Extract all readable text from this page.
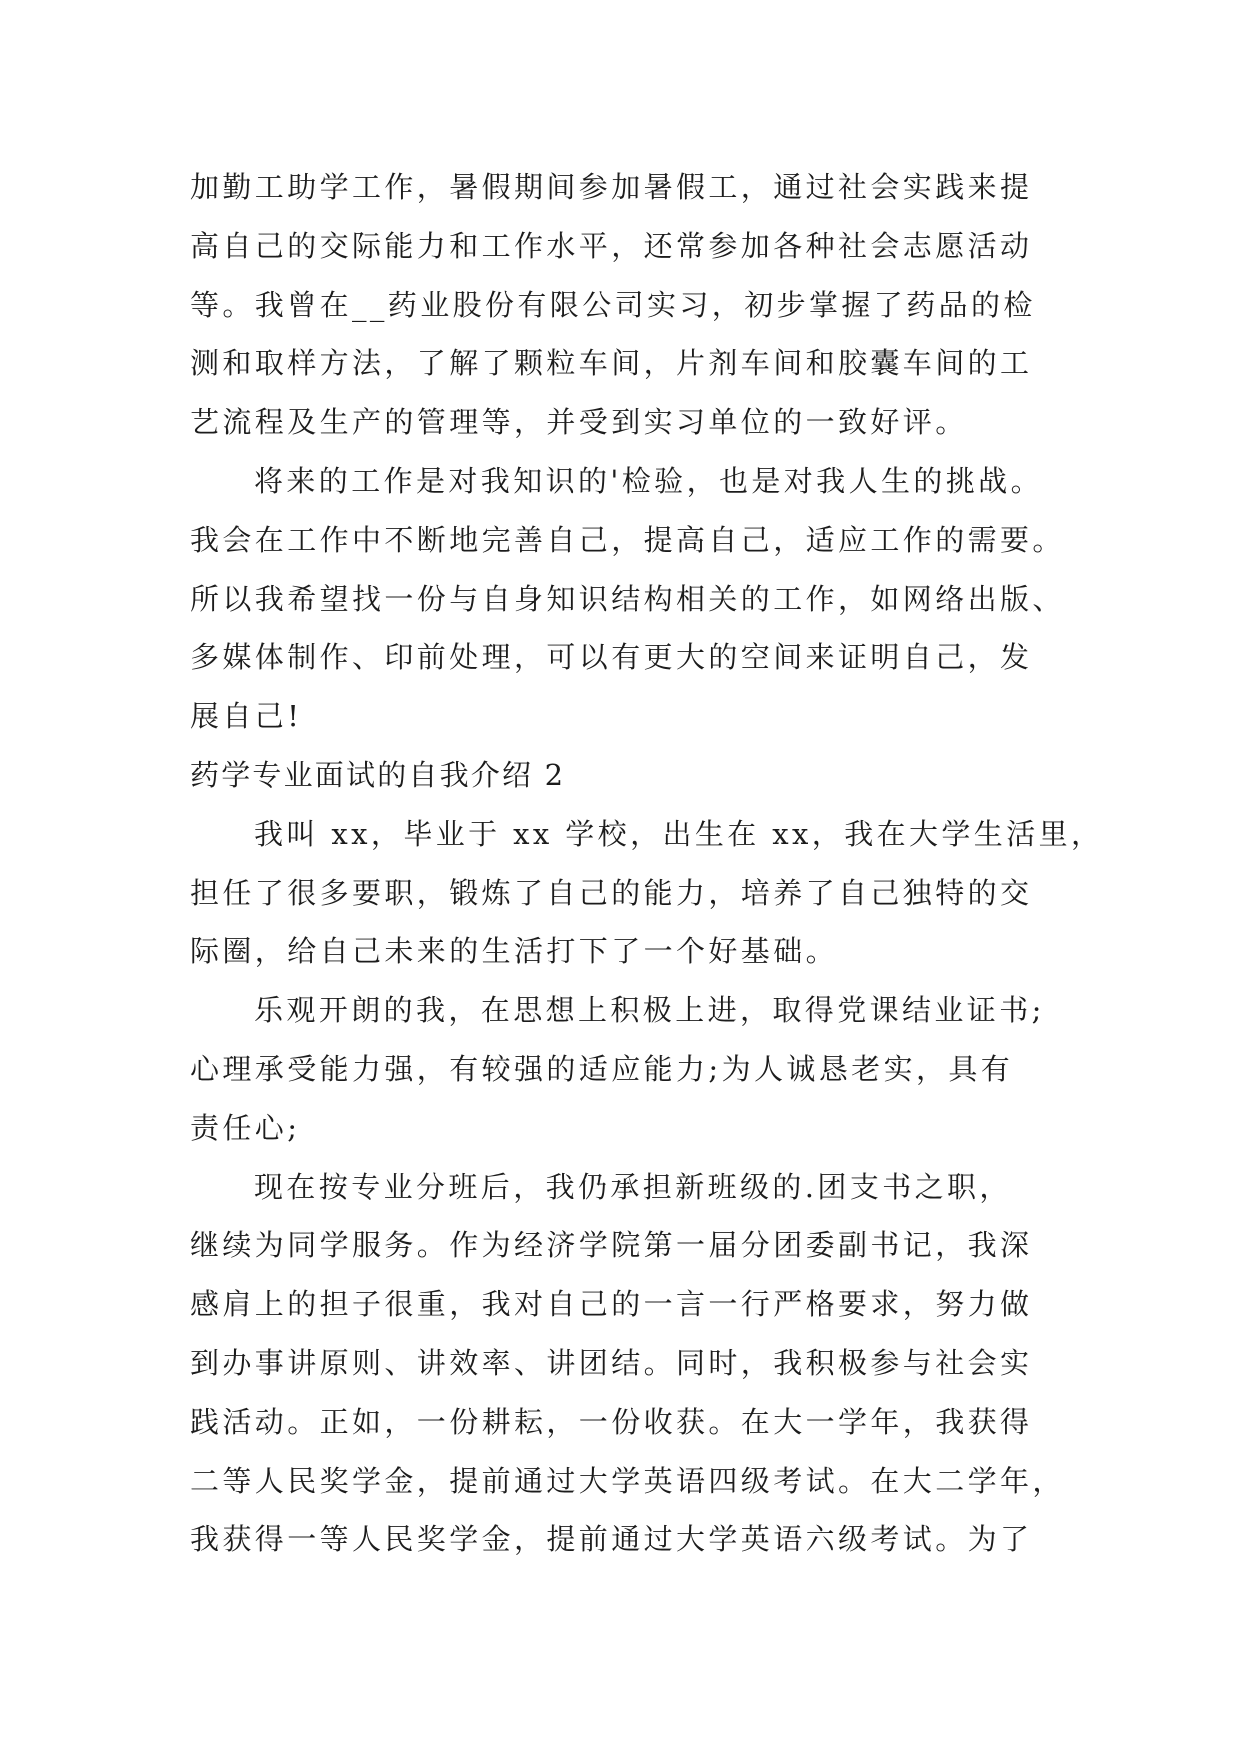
加勤工助学工作，暑假期间参加暑假工，通过社会实践来提
高自己的交际能力和工作水平，还常参加各种社会志愿活动
等。我曾在__药业股份有限公司实习，初步掌握了药品的检
测和取样方法，了解了颗粒车间，片剂车间和胶囊车间的工
艺流程及生产的管理等，并受到实习单位的一致好评。
将来的工作是对我知识的'检验，也是对我人生的挑战。
我会在工作中不断地完善自己，提高自己，适应工作的需要。
所以我希望找一份与自身知识结构相关的工作，如网络出版、
多媒体制作、印前处理，可以有更大的空间来证明自己，发
展自己!
药学专业面试的自我介绍 2
我叫 xx，毕业于 xx 学校，出生在 xx，我在大学生活里，
担任了很多要职，锻炼了自己的能力，培养了自己独特的交
际圈，给自己未来的生活打下了一个好基础。
乐观开朗的我，在思想上积极上进，取得党课结业证书;
心理承受能力强，有较强的适应能力;为人诚恳老实，具有
责任心;
现在按专业分班后，我仍承担新班级的.团支书之职，
继续为同学服务。作为经济学院第一届分团委副书记，我深
感肩上的担子很重，我对自己的一言一行严格要求，努力做
到办事讲原则、讲效率、讲团结。同时，我积极参与社会实
践活动。正如，一份耕耘，一份收获。在大一学年，我获得
二等人民奖学金，提前通过大学英语四级考试。在大二学年，
我获得一等人民奖学金，提前通过大学英语六级考试。为了
